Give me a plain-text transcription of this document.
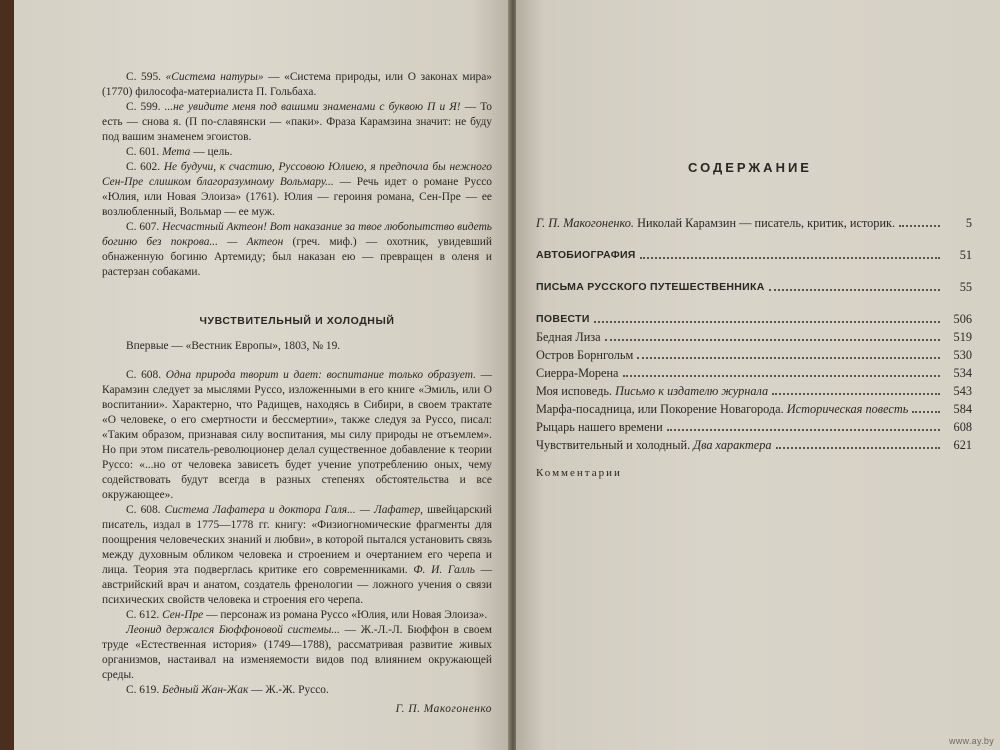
С. 595. «Система натуры» — «Система природы, или О законах мира» (1770) философа-материалиста П. Гольбаха.

С. 599. ...не увидите меня под вашими знаменами с буквою П и Я! — То есть — снова я. (П по-славянски — «паки». Фраза Карамзина значит: не буду под вашим знаменем эгоистов.

С. 601. Мета — цель.

С. 602. Не будучи, к счастию, Руссовою Юлиею, я предпочла бы нежного Сен-Пре слишком благоразумному Вольмару... — Речь идет о романе Руссо «Юлия, или Новая Элоиза» (1761). Юлия — героиня романа, Сен-Пре — ее возлюбленный, Вольмар — ее муж.

С. 607. Несчастный Актеон! Вот наказание за твое любопытство видеть богиню без покрова... — Актеон (греч. миф.) — охотник, увидевший обнаженную богиню Артемиду; был наказан ею — превращен в оленя и растерзан собаками.

ЧУВСТВИТЕЛЬНЫЙ И ХОЛОДНЫЙ
Впервые — «Вестник Европы», 1803, № 19.

С. 608. Одна природа творит и дает: воспитание только образует. — Карамзин следует за мыслями Руссо, изложенными в его книге «Эмиль, или О воспитании». Характерно, что Радищев, находясь в Сибири, в своем трактате «О человеке, о его смертности и бессмертии», также следуя за Руссо, писал: «Таким образом, признавая силу воспитания, мы силу природы не отъемлем». Но при этом писатель-революционер делал существенное добавление к теории Руссо: «...но от человека зависеть будет учение употреблению оных, чему содействовать будут всегда в разных степенях обстоятельства и все окружающее».

С. 608. Система Лафатера и доктора Галя... — Лафатер, швейцарский писатель, издал в 1775—1778 гг. книгу: «Физиогномические фрагменты для поощрения человеческих знаний и любви», в которой пытался установить связь между духовным обликом человека и строением и очертанием его черепа и лица. Теория эта подверглась критике его современниками. Ф. И. Галль — австрийский врач и анатом, создатель френологии — ложного учения о связи психических свойств человека и строения его черепа.

С. 612. Сен-Пре — персонаж из романа Руссо «Юлия, или Новая Элоиза».

Леонид держался Бюффоновой системы... — Ж.-Л.-Л. Бюффон в своем труде «Естественная история» (1749—1788), рассматривая развитие живых организмов, настаивал на изменяемости видов под влиянием окружающей среды.

С. 619. Бедный Жан-Жак — Ж.-Ж. Руссо.

Г. П. Макогоненко
СОДЕРЖАНИЕ
Г. П. Макогоненко. Николай Карамзин — писатель, критик, историк.	5
АВТОБИОГРАФИЯ	51
ПИСЬМА РУССКОГО ПУТЕШЕСТВЕННИКА	55
ПОВЕСТИ	506
Бедная Лиза	519
Остров Борнгольм	530
Сиерра-Морена	534
Моя исповедь. Письмо к издателю журнала	543
Марфа-посадница, или Покорение Новагорода. Историческая повесть	584
Рыцарь нашего времени	608
Чувствительный и холодный. Два характера	621
Комментарии
www.ay.by
